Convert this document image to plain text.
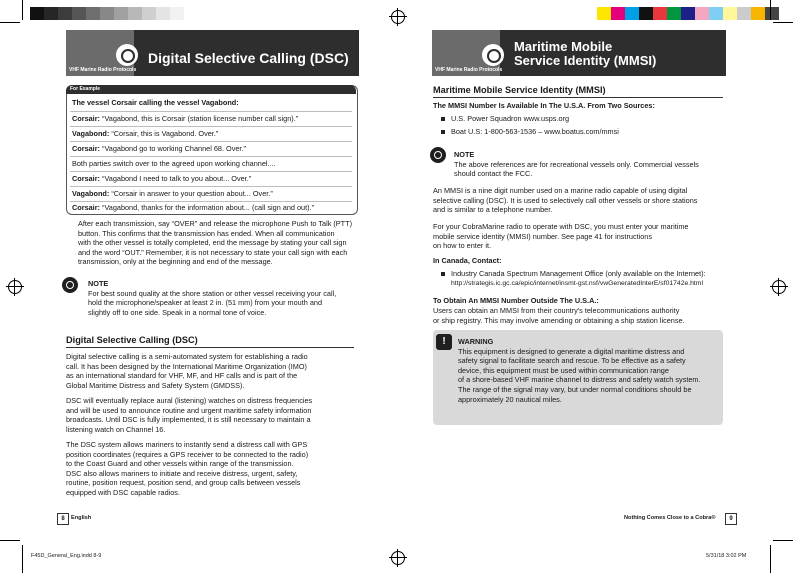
VHF Marine Radio Protocols
Digital Selective Calling (DSC)
VHF Marine Radio Protocols
Maritime Mobile
Service Identity (MMSI)
For Example
The vessel Corsair calling the vessel Vagabond:
Corsair: “Vagabond, this is Corsair (station license number call sign).”
Vagabond: “Corsair, this is Vagabond. Over.”
Corsair: “Vagabond go to working Channel 68. Over.”
Both parties switch over to the agreed upon working channel....
Corsair: “Vagabond I need to talk to you about... Over.”
Vagabond: “Corsair in answer to your question about... Over.”
Corsair: “Vagabond, thanks for the information about... (call sign and out).”
After each transmission, say “OVER” and release the microphone Push to Talk (PTT)
button. This confirms that the transmission has ended. When all communication
with the other vessel is totally completed, end the message by stating your call sign
and the word “OUT.” Remember, it is not necessary to state your call sign with each
transmission, only at the beginning and end of the message.
NOTE
For best sound quality at the shore station or other vessel receiving your call,
hold the microphone/speaker at least 2 in. (51 mm) from your mouth and
slightly off to one side. Speak in a normal tone of voice.
Digital Selective Calling (DSC)
Digital selective calling is a semi-automated system for establishing a radio
call. It has been designed by the International Maritime Organization (IMO)
as an international standard for VHF, MF, and HF calls and is part of the
Global Maritime Distress and Safety System (GMDSS).
DSC will eventually replace aural (listening) watches on distress frequencies
and will be used to announce routine and urgent maritime safety information
broadcasts. Until DSC is fully implemented, it is still necessary to maintain a
listening watch on Channel 16.
The DSC system allows mariners to instantly send a distress call with GPS
position coordinates (requires a GPS receiver to be connected to the radio)
to the Coast Guard and other vessels within range of the transmission.
DSC also allows mariners to initiate and receive distress, urgent, safety,
routine, position request, position send, and group calls between vessels
equipped with DSC capable radios.
8	English
Maritime Mobile Service Identity (MMSI)
The MMSI Number Is Available In The U.S.A. From Two Sources:
U.S. Power Squadron www.usps.org
Boat U.S: 1-800-563-1536 – www.boatus.com/mmsi
NOTE
The above references are for recreational vessels only. Commercial vessels
should contact the FCC.
An MMSI is a nine digit number used on a marine radio capable of using digital
selective calling (DSC). It is used to selectively call other vessels or shore stations
and is similar to a telephone number.
For your CobraMarine radio to operate with DSC, you must enter your maritime
mobile service identity (MMSI) number. See page 41 for instructions
on how to enter it.
In Canada, Contact:
Industry Canada Spectrum Management Office (only available on the Internet):
http://strategis.ic.gc.ca/epic/internet/insmt-gst.nsf/vwGeneratedInterE/sf01742e.html
To Obtain An MMSI Number Outside The U.S.A.:
Users can obtain an MMSI from their country's telecommunications authority
or ship registry. This may involve amending or obtaining a ship station license.
!	WARNING
This equipment is designed to generate a digital maritime distress and
safety signal to facilitate search and rescue. To be effective as a safety
device, this equipment must be used within communication range
of a shore-based VHF marine channel to distress and safety watch system.
The range of the signal may vary, but under normal conditions should be
approximately 20 nautical miles.
Nothing Comes Close to a Cobra®	9
F45D_General_Eng.indd 8-9	5/31/18 3:02 PM
